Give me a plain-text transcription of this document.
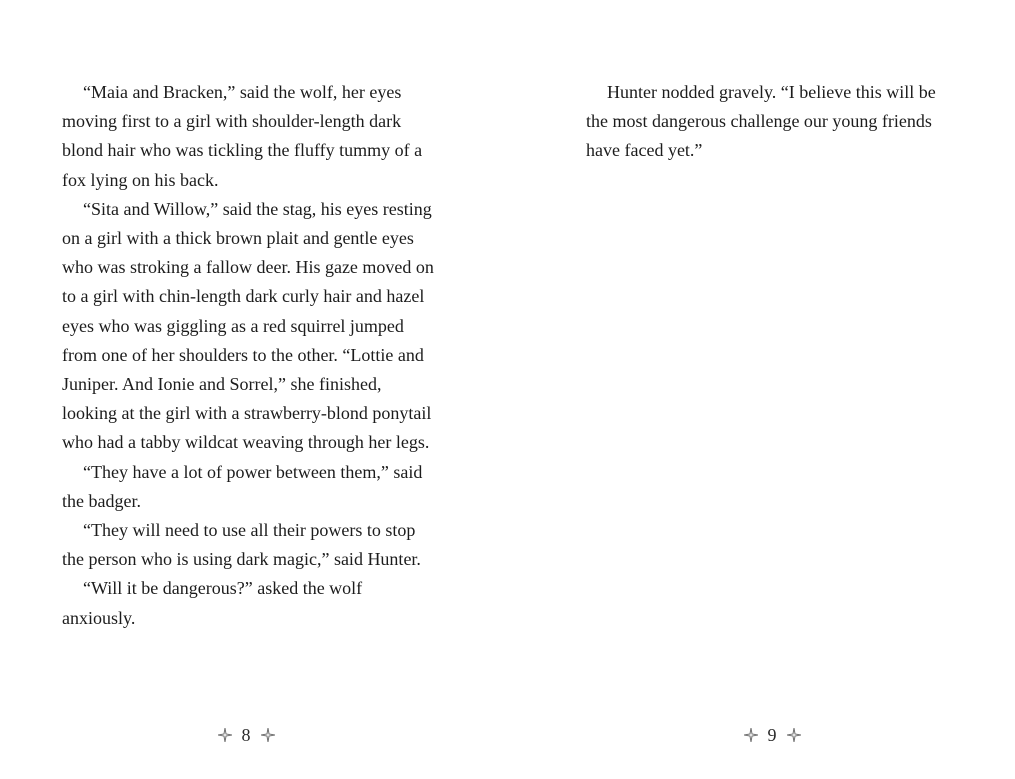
“Maia and Bracken,” said the wolf, her eyes moving first to a girl with shoulder-length dark blond hair who was tickling the fluffy tummy of a fox lying on his back.

“Sita and Willow,” said the stag, his eyes resting on a girl with a thick brown plait and gentle eyes who was stroking a fallow deer. His gaze moved on to a girl with chin-length dark curly hair and hazel eyes who was giggling as a red squirrel jumped from one of her shoulders to the other. “Lottie and Juniper. And Ionie and Sorrel,” she finished, looking at the girl with a strawberry-blond ponytail who had a tabby wildcat weaving through her legs.

“They have a lot of power between them,” said the badger.

“They will need to use all their powers to stop the person who is using dark magic,” said Hunter.

“Will it be dangerous?” asked the wolf anxiously.

8

Hunter nodded gravely. “I believe this will be the most dangerous challenge our young friends have faced yet.”

9
